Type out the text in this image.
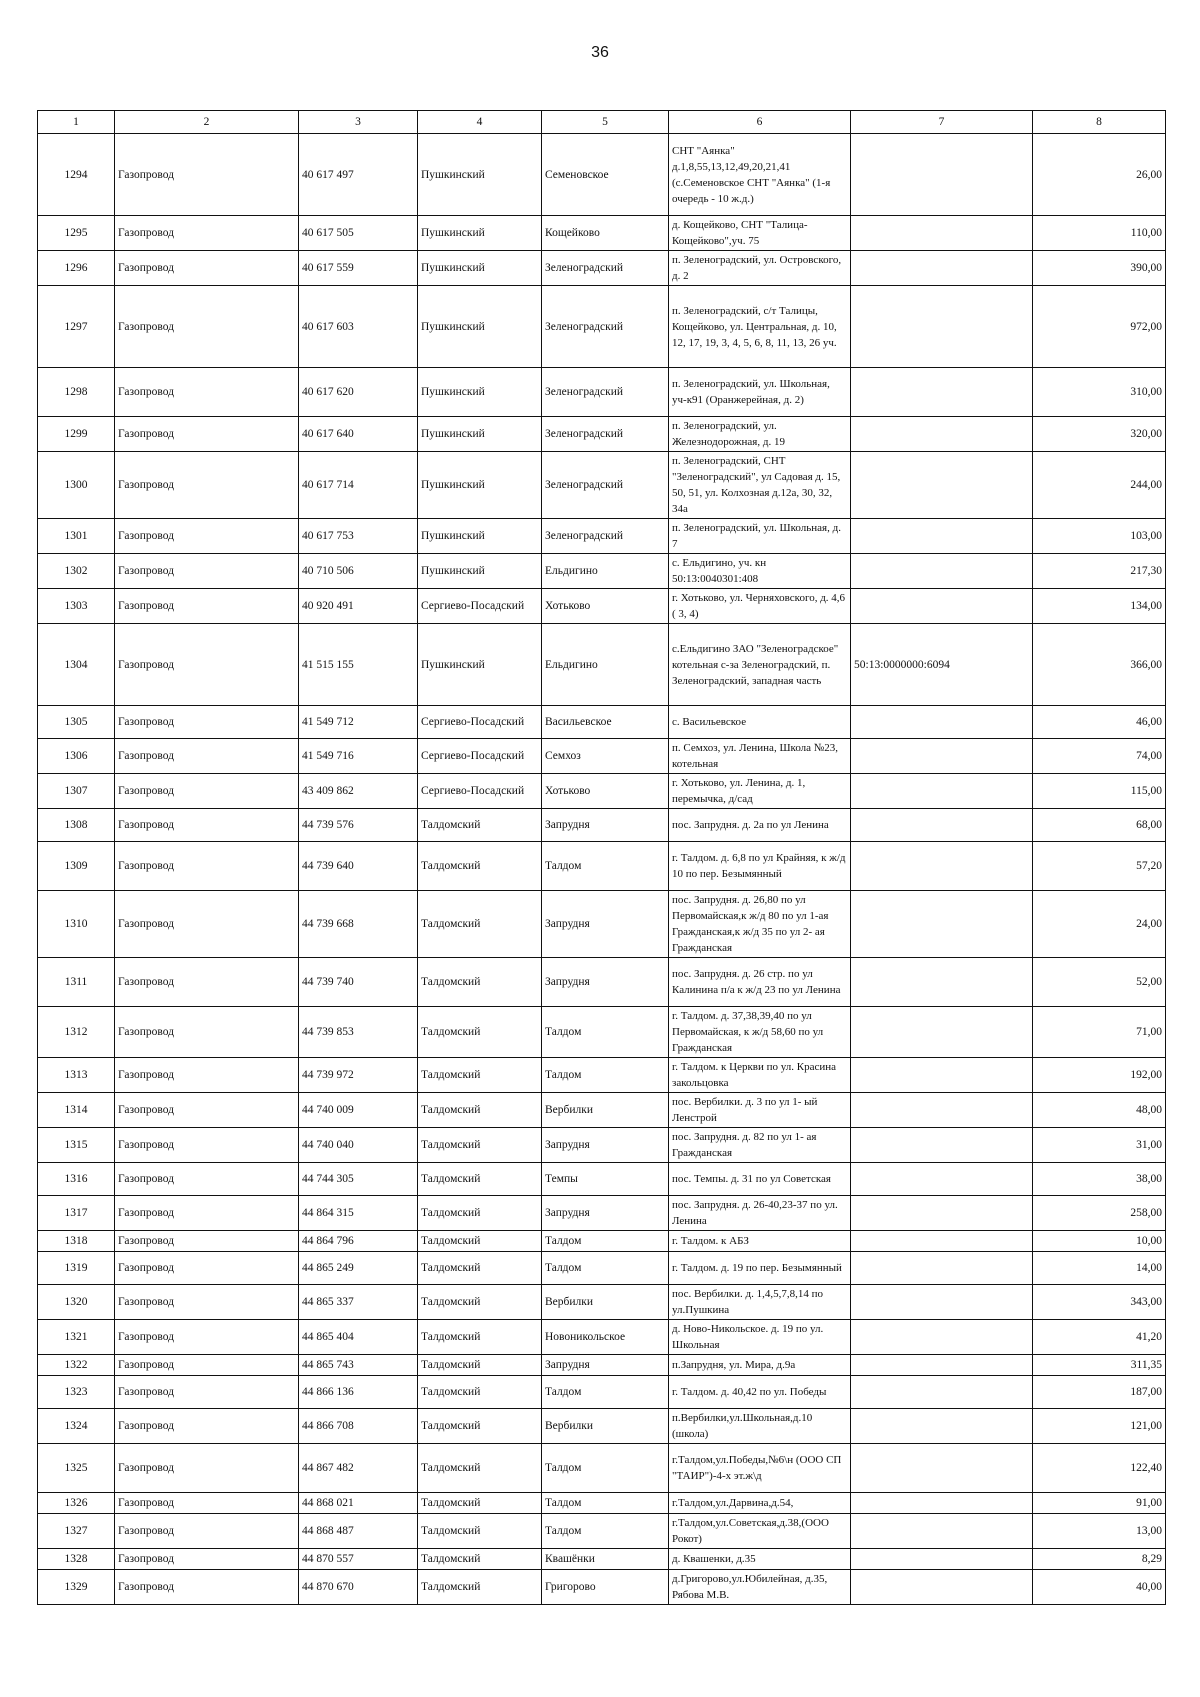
36
1	2	3	4	5	6	7	8
1294	Газопровод	40 617 497	Пушкинский	Семеновское	СНТ "Аянка" д.1,8,55,13,12,49,20,21,41 (с.Семеновское СНТ "Аянка" (1-я очередь - 10 ж.д.)		26,00
1295	Газопровод	40 617 505	Пушкинский	Кощейково	д. Кощейково, СНТ "Талица-Кощейково",уч. 75		110,00
1296	Газопровод	40 617 559	Пушкинский	Зеленоградский	п. Зеленоградский, ул. Островского, д. 2		390,00
1297	Газопровод	40 617 603	Пушкинский	Зеленоградский	п. Зеленоградский, с/т Талицы, Кощейково, ул. Центральная, д. 10, 12, 17, 19, 3, 4, 5, 6, 8, 11, 13, 26 уч.		972,00
1298	Газопровод	40 617 620	Пушкинский	Зеленоградский	п. Зеленоградский, ул. Школьная, уч-к91 (Оранжерейная, д. 2)		310,00
1299	Газопровод	40 617 640	Пушкинский	Зеленоградский	п. Зеленоградский, ул. Железнодорожная, д. 19		320,00
1300	Газопровод	40 617 714	Пушкинский	Зеленоградский	п. Зеленоградский, СНТ "Зеленоградский", ул Садовая д. 15, 50, 51, ул. Колхозная д.12а, 30, 32, 34а		244,00
1301	Газопровод	40 617 753	Пушкинский	Зеленоградский	п. Зеленоградский, ул. Школьная, д. 7		103,00
1302	Газопровод	40 710 506	Пушкинский	Ельдигино	с. Ельдигино, уч. кн 50:13:0040301:408		217,30
1303	Газопровод	40 920 491	Сергиево-Посадский	Хотьково	г. Хотьково, ул. Черняховского, д. 4,6 ( 3, 4)		134,00
1304	Газопровод	41 515 155	Пушкинский	Ельдигино	с.Ельдигино ЗАО "Зеленоградское" котельная с-за Зеленоградский, п. Зеленоградский, западная часть	50:13:0000000:6094	366,00
1305	Газопровод	41 549 712	Сергиево-Посадский	Васильевское	с. Васильевское		46,00
1306	Газопровод	41 549 716	Сергиево-Посадский	Семхоз	п. Семхоз, ул. Ленина, Школа №23, котельная		74,00
1307	Газопровод	43 409 862	Сергиево-Посадский	Хотьково	г. Хотьково, ул. Ленина, д. 1, перемычка, д/сад		115,00
1308	Газопровод	44 739 576	Талдомский	Запрудня	пос. Запрудня. д. 2а по ул Ленина		68,00
1309	Газопровод	44 739 640	Талдомский	Талдом	г. Талдом. д. 6,8 по ул Крайняя, к ж/д 10 по пер. Безымянный		57,20
1310	Газопровод	44 739 668	Талдомский	Запрудня	пос. Запрудня. д. 26,80 по ул Первомайская,к ж/д 80 по ул 1-ая Гражданская,к ж/д 35 по ул 2- ая Гражданская		24,00
1311	Газопровод	44 739 740	Талдомский	Запрудня	пос. Запрудня. д. 26 стр. по ул Калинина п/а к ж/д 23 по ул Ленина		52,00
1312	Газопровод	44 739 853	Талдомский	Талдом	г. Талдом. д. 37,38,39,40 по ул Первомайская, к ж/д 58,60 по ул Гражданская		71,00
1313	Газопровод	44 739 972	Талдомский	Талдом	г. Талдом. к Церкви по ул. Красина закольцовка		192,00
1314	Газопровод	44 740 009	Талдомский	Вербилки	пос. Вербилки. д. 3 по ул 1- ый Ленстрой		48,00
1315	Газопровод	44 740 040	Талдомский	Запрудня	пос. Запрудня. д. 82 по ул 1- ая Гражданская		31,00
1316	Газопровод	44 744 305	Талдомский	Темпы	пос. Темпы. д. 31 по ул Советская		38,00
1317	Газопровод	44 864 315	Талдомский	Запрудня	пос. Запрудня. д. 26-40,23-37 по ул. Ленина		258,00
1318	Газопровод	44 864 796	Талдомский	Талдом	г. Талдом. к АБЗ		10,00
1319	Газопровод	44 865 249	Талдомский	Талдом	г. Талдом. д. 19 по пер. Безымянный		14,00
1320	Газопровод	44 865 337	Талдомский	Вербилки	пос. Вербилки. д. 1,4,5,7,8,14 по ул.Пушкина		343,00
1321	Газопровод	44 865 404	Талдомский	Новоникольское	д. Ново-Никольское. д. 19 по ул. Школьная		41,20
1322	Газопровод	44 865 743	Талдомский	Запрудня	п.Запрудня, ул. Мира, д.9а		311,35
1323	Газопровод	44 866 136	Талдомский	Талдом	г. Талдом. д. 40,42 по ул. Победы		187,00
1324	Газопровод	44 866 708	Талдомский	Вербилки	п.Вербилки,ул.Школьная,д.10 (школа)		121,00
1325	Газопровод	44 867 482	Талдомский	Талдом	г.Талдом,ул.Победы,№6\н (ООО СП "ТАИР")-4-х эт.ж\д		122,40
1326	Газопровод	44 868 021	Талдомский	Талдом	г.Талдом,ул.Дарвина,д.54,		91,00
1327	Газопровод	44 868 487	Талдомский	Талдом	г.Талдом,ул.Советская,д.38,(ООО Рокот)		13,00
1328	Газопровод	44 870 557	Талдомский	Квашёнки	д. Квашенки, д.35		8,29
1329	Газопровод	44 870 670	Талдомский	Григорово	д.Григорово,ул.Юбилейная, д.35, Рябова М.В.		40,00
